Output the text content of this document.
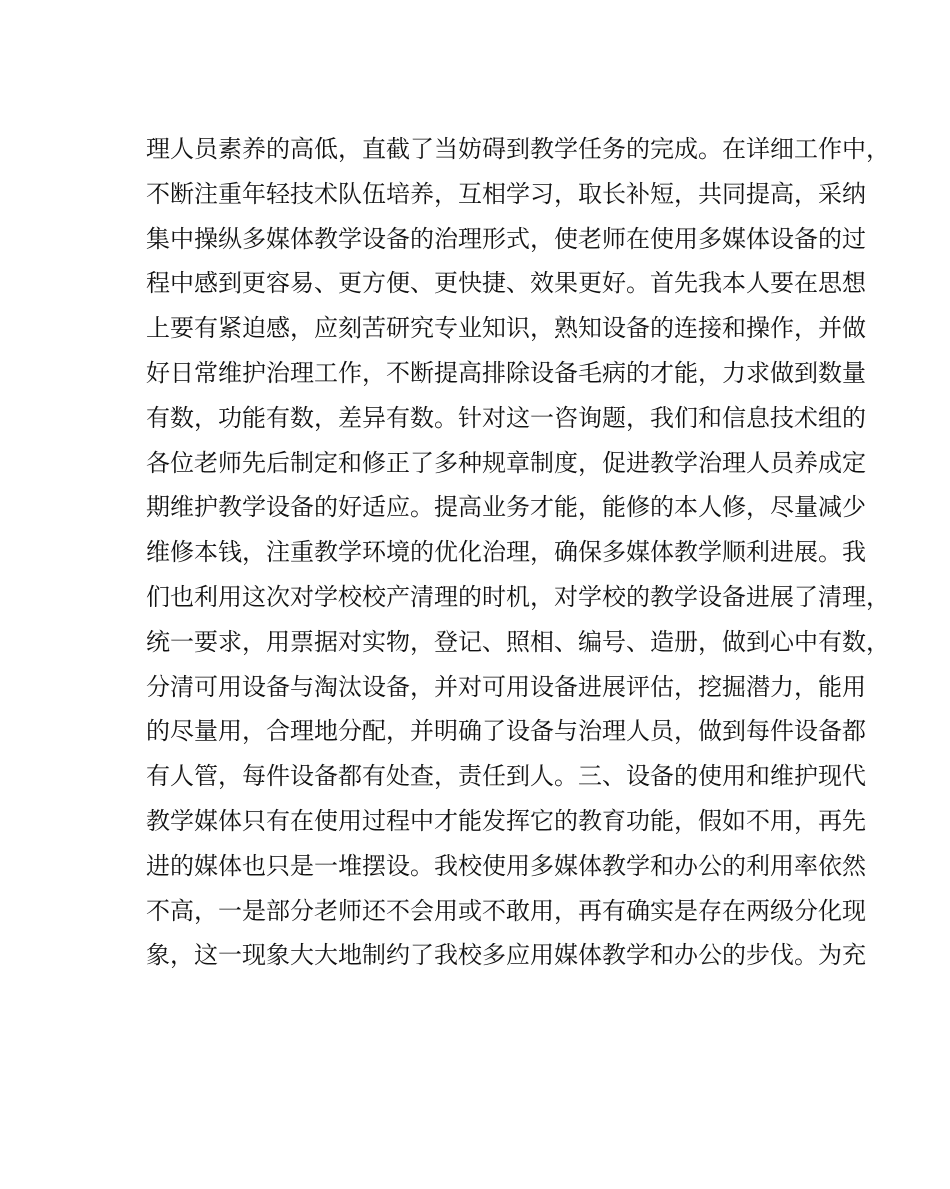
理人员素养的高低，直截了当妨碍到教学任务的完成。在详细工作中，
不断注重年轻技术队伍培养，互相学习，取长补短，共同提高，采纳
集中操纵多媒体教学设备的治理形式，使老师在使用多媒体设备的过
程中感到更容易、更方便、更快捷、效果更好。首先我本人要在思想
上要有紧迫感，应刻苦研究专业知识，熟知设备的连接和操作，并做
好日常维护治理工作，不断提高排除设备毛病的才能，力求做到数量
有数，功能有数，差异有数。针对这一咨询题，我们和信息技术组的
各位老师先后制定和修正了多种规章制度，促进教学治理人员养成定
期维护教学设备的好适应。提高业务才能，能修的本人修，尽量减少
维修本钱，注重教学环境的优化治理，确保多媒体教学顺利进展。我
们也利用这次对学校校产清理的时机，对学校的教学设备进展了清理，
统一要求，用票据对实物，登记、照相、编号、造册，做到心中有数，
分清可用设备与淘汰设备，并对可用设备进展评估，挖掘潜力，能用
的尽量用，合理地分配，并明确了设备与治理人员，做到每件设备都
有人管，每件设备都有处查，责任到人。三、设备的使用和维护现代
教学媒体只有在使用过程中才能发挥它的教育功能，假如不用，再先
进的媒体也只是一堆摆设。我校使用多媒体教学和办公的利用率依然
不高，一是部分老师还不会用或不敢用，再有确实是存在两级分化现
象，这一现象大大地制约了我校多应用媒体教学和办公的步伐。为充
